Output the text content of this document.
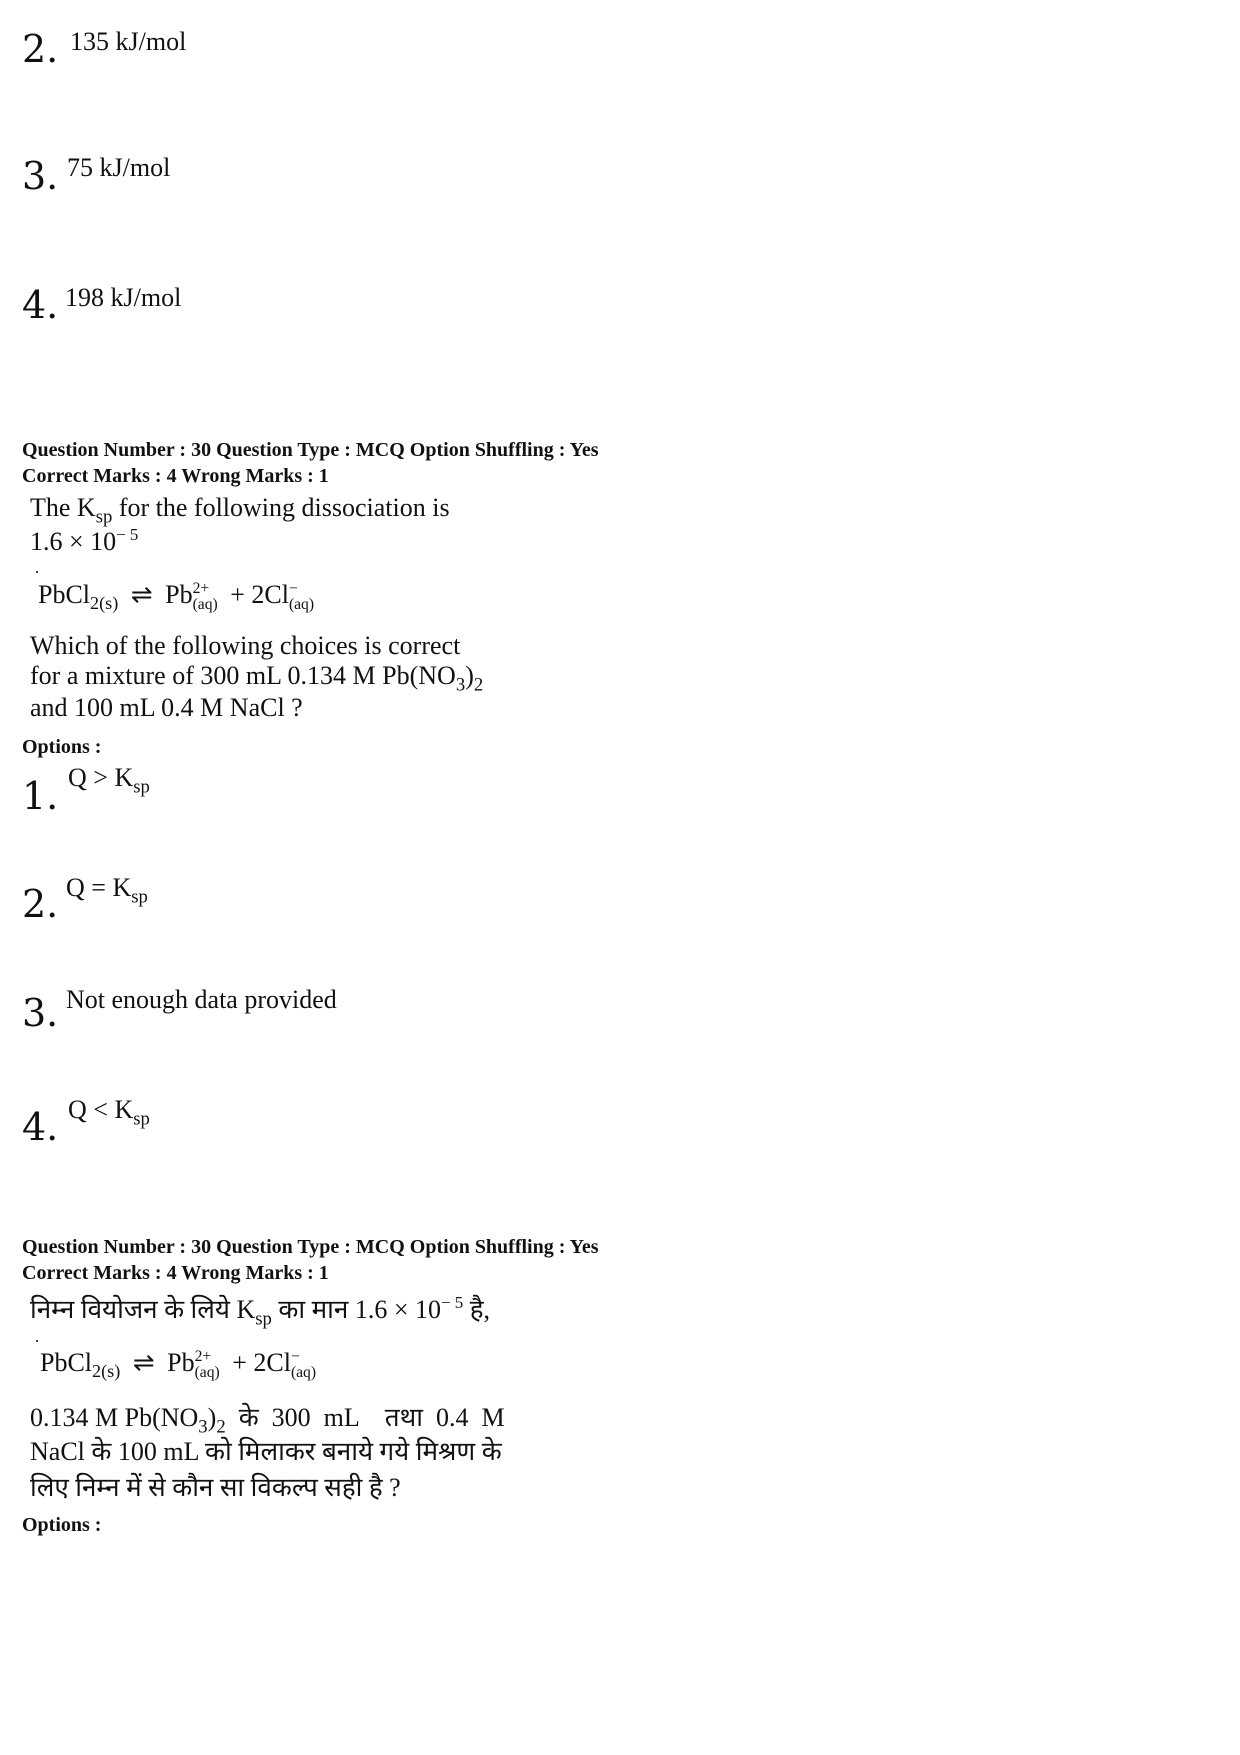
2. 135 kJ/mol
3. 75 kJ/mol
4. 198 kJ/mol
Question Number : 30 Question Type : MCQ Option Shuffling : Yes
Correct Marks : 4 Wrong Marks : 1
The $K_{sp}$ for the following dissociation is
$1.6 \times 10^{- 5}$
PbCl$_{2(s)}$ ⇌ Pb 2+
(aq) + 2Cl −
(aq)
Which of the following choices is correct
for a mixture of 300 mL 0.134 M $Pb(NO_3)_2$
and 100 mL 0.4 M NaCl ?
Options :
1. $Q > K_{sp}$
2. $Q = K_{sp}$
3. Not enough data provided
4. $Q < K_{sp}$
Question Number : 30 Question Type : MCQ Option Shuffling : Yes
Correct Marks : 4 Wrong Marks : 1
निम्न वियोजन के लिये $K_{sp}$ का मान $1.6 \times 10^{- 5}$ है,
PbCl$_{2(s)}$ ⇌ Pb 2+
(aq) + 2Cl −
(aq)
0.134 M $Pb(NO_3)_2$  के  300  mL    तथा  0.4  M
NaCl के 100 mL को मिलाकर बनाये गये मिश्रण के
लिए निम्न में से कौन सा विकल्प सही है ?
Options :
